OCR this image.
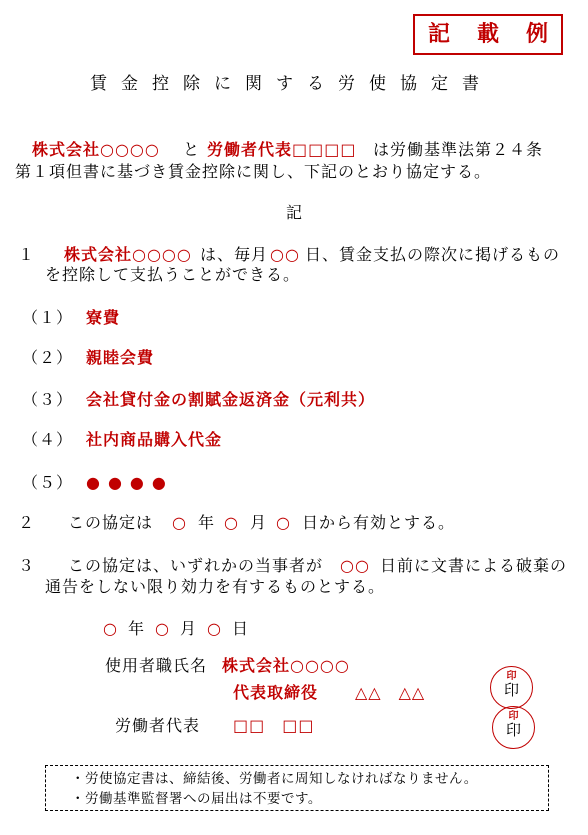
記載例
賃金控除に関する労使協定書
株式会社○○○○ と 労働者代表□□□□ は労働基準法第２４条
第１項但書に基づき賃金控除に関し、下記のとおり協定する。
記
１ 株式会社○○○○ は、毎月 ○○ 日、賃金支払の際次に掲げるもの
を控除して支払うことができる。
（１） 寮費
（２） 親睦会費
（３） 会社貸付金の割賦金返済金（元利共）
（４） 社内商品購入代金
（５） ●●●●
２ この協定は ○ 年 ○ 月 ○ 日から有効とする。
３ この協定は、いずれかの当事者が ○○ 日前に文書による破棄の
通告をしない限り効力を有するものとする。
○ 年 ○ 月 ○ 日
使用者職氏名 株式会社○○○○
代表取締役 △△　△△
印
印
労働者代表 □□　□□	印
印
・労使協定書は、締結後、労働者に周知しなければなりません。
・労働基準監督署への届出は不要です。
